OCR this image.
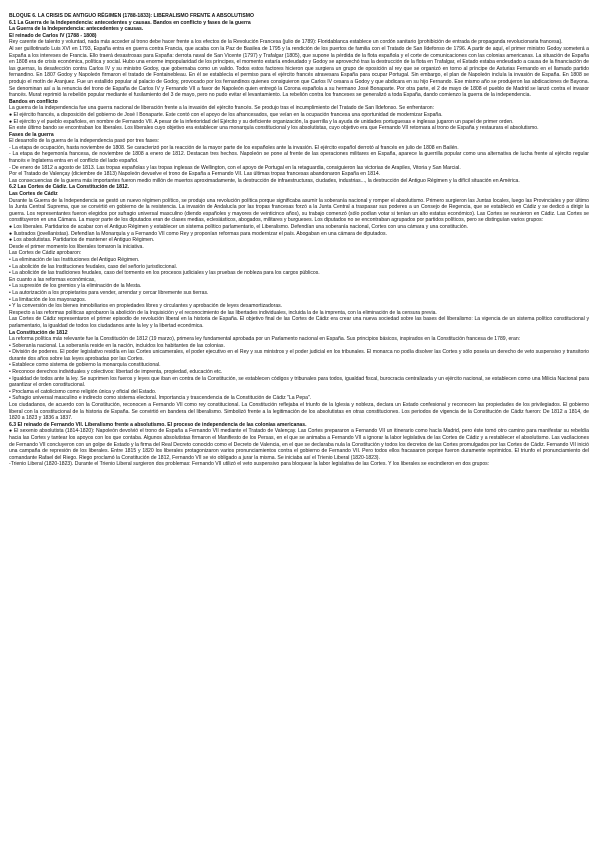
BLOQUE 6. LA CRISIS DE ANTIGUO RÉGIMEN (1788-1833): LIBERALISMO FRENTE A ABSOLUTISMO

6.1 La Guerra de la Independencia: antecedentes y causas. Bandos en conflicto y fases de la guerra

La Guerra de la Independencia: antecedentes y causas.

El reinado de Carlos IV (1788 - 1808)

Rey carente de talento y voluntad, nada más acceder al trono debe hacer frente a los efectos de la Revolución Francesa (julio de 1789): Floridablanca establece un cordón sanitario (prohibición de entrada de propaganda revolucionaria francesa).

Al ser guillotinado Luis XVI en 1793, España entra en guerra contra Francia, que acaba con la Paz de Basilea de 1795 y la rendición de los puertos de familia con el Tratado de San Ildefonso de 1796. A partir de aquí, el primer ministro Godoy someterá a España a los intereses de Francia. Ello traerá desastrosas para España: derrota naval de San Vicente (1797) y Trafalgar (1805), que supone la pérdida de la flota española y el corte de comunicaciones con las colonias americanas. La situación de España en 1808 era de crisis económica, política y social. Hubo una enorme impopularidad de los príncipes, el momento estaría endeudado y Godoy se aprovechó tras la destrucción de la flota en Trafalgar, el Estado estaba endeudado a causa de la financiación de las guerras, la desafección contra Carlos IV y su ministro Godoy, que gobernaba como un valido. Todos estos factores hicieron que surgiera un grupo de oposición al rey que se organizó en torno al príncipe de Asturias Fernando en el llamado partido fernandino. En 1807 Godoy y Napoleón firmaron el tratado de Fontainebleau. En él se establecía el permiso para el ejército francés atravesara España para ocupar Portugal. Sin embargo, el plan de Napoleón incluía la invasión de España. En 1808 se produjo el motín de Aranjuez. Fue un estallido popular al palacio de Godoy, provocado por los fernandinos quienes consiguieron que Carlos IV cesara a Godoy y que abdicara en su hijo Fernando. Ese mismo año se produjeron las abdicaciones de Bayona. Se denominan así a la renuncia del trono de España de Carlos IV y Fernando VII a favor de Napoleón quien entregó la Corona española a su hermano José Bonaparte. Por otra parte, el 2 de mayo de 1808 el pueblo de Madrid se lanzó contra el invasor francés. Murat reprimió la rebelión popular mediante el fusilamiento del 3 de mayo, pero no pudo evitar el levantamiento. La rebelión contra los franceses se generalizó a toda España, dando comienzo la guerra de la independencia.

Bandos en conflicto

La guerra de la independencia fue una guerra nacional de liberación frente a la invasión del ejército francés. Se produjo tras el incumplimiento del Tratado de San Ildefonso. Se enfrentaron:

● El ejército francés, a disposición del gobierno de José I Bonaparte. Este contó con el apoyo de los afrancesados, que veían en la ocupación francesa una oportunidad de modernizar España.

● El ejército y el pueblo españoles, en nombre de Fernando VII. A pesar de la inferioridad del Ejército y su deficiente organización, la guerrilla y la ayuda de unidades portuguesas e inglesas jugaron un papel de primer orden.

En este último bando se encontraban los liberales. Los liberales cuyo objetivo era establecer una monarquía constitucional y los absolutistas, cuyo objetivo era que Fernando VII retornara al trono de España y restaurara el absolutismo.

Fases de la guerra

El desarrollo de la guerra de la independencia pasó por tres fases:

- La etapa de ocupación, hasta noviembre de 1808. Se caracterizó por la reacción de la mayor parte de los españoles ante la invasión. El ejército español derrotó al francés en julio de 1808 en Bailén.

- La etapa de hegemonía francesa, de noviembre de 1808 a enero de 1812. Destacan tres hechos. Napoleón se pone al frente de las operaciones militares en España, aparece la guerrilla popular como una alternativa de lucha frente al ejército regular francés e Inglaterra entra en el conflicto del lado español.

- De enero de 1812 a agosto de 1813. Las tropas españolas y las tropas inglesas de Wellington, con el apoyo de Portugal en la retaguardia, consiguieron las victorias de Arapiles, Vitoria y San Marcial.

Por el Tratado de Valençay (diciembre de 1813) Napoleón devuelve el trono de España a Fernando VII. Las últimas tropas francesas abandonaron España en 1814.

Las consecuencias de la guerra más importantes fueron medio millón de muertos aproximadamente, la destrucción de infraestructuras, ciudades, industrias..., la destrucción del Antiguo Régimen y la difícil situación en América.

6.2 Las Cortes de Cádiz. La Constitución de 1812.

Las Cortes de Cádiz

Durante la Guerra de la Independencia se gestó un nuevo régimen político, se produjo una revolución política porque significaba asumir la soberanía nacional y romper el absolutismo. Primero surgieron las Juntas locales, luego las Provinciales y por último la Junta Central Suprema, que se convirtió en gobierno de la resistencia. La invasión de Andalucía por las tropas francesas forzó a la Junta Central a traspasar sus poderes a un Consejo de Regencia, que se estableció en Cádiz y se dedicó a dirigir la guerra. Los representantes fueron elegidos por sufragio universal masculino (diendo españoles y mayores de veinticinco años), su trabajo comenzó (sólo podían votar si tenían un alto estatus económico). Las Cortes se reunieron en Cádiz. Las Cortes se constituyeron en una Cámara. La mayor parte de los diputados eran de clases medias, eclesiásticos, abogados, militares y burgueses. Los diputados no se encontraban agrupados por partidos políticos, pero se distinguían varios grupos:

● Los liberales. Partidarios de acabar con el Antiguo Régimen y establecer un sistema político parlamentario, el Liberalismo. Defendían una soberanía nacional, Cortes con una cámara y una constitución.

● Ilustrados (jovellanistas). Defendían la Monarquía y a Fernando VII como Rey y proponían reformas para modernizar el país. Abogaban en una cámara de diputados.

● Los absolutistas. Partidarios de mantener el Antiguo Régimen.

Desde el primer momento los liberales tomaron la iniciativa.

Las Cortes de Cádiz aprobaron:

• La eliminación de las Instituciones del Antiguo Régimen.

• La abolición de las Instituciones feudales, caso del señorío jurisdiccional.

• La abolición de las tradiciones feudales, caso del tormento en los procesos judiciales y las pruebas de nobleza para los cargos públicos.

En cuanto a las reformas económicas,

• La supresión de los gremios y la eliminación de la Mesta.

• La autorización a los propietarios para vender, arrendar y cercar libremente sus tierras.

• La limitación de los mayorazgos.

• Y la conversión de los bienes inmobiliarios en propiedades libres y circulantes y aprobación de leyes desamortizadoras.

Respecto a las reformas políticas aprobaron la abolición de la Inquisición y el reconocimiento de las libertades individuales, incluida la de la imprenta, con la eliminación de la censura previa.

Las Cortes de Cádiz representaron el primer episodio de revolución liberal en la historia de España. El objetivo final de las Cortes de Cádiz era crear una nueva sociedad sobre las bases del liberalismo: La vigencia de un sistema político constitucional y parlamentario, la igualdad de todos los ciudadanos ante la ley y la libertad económica.

La Constitución de 1812

La reforma política más relevante fue la Constitución de 1812 (19 marzo), primera ley fundamental aprobada por un Parlamento nacional en España. Sus principios básicos, inspirados en la Constitución francesa de 1789, eran:

• Soberanía nacional. La soberanía reside en la nación, incluidos los habitantes de las colonias.

• División de poderes. El poder legislativo residía en las Cortes unicamerales, el poder ejecutivo en el Rey y sus ministros y el poder judicial en los tribunales. El monarca no podía disolver las Cortes y sólo poseía un derecho de veto suspensivo y transitorio durante dos años sobre las leyes aprobadas por las Cortes.

• Establece como sistema de gobierno la monarquía constitucional.

• Reconoce derechos individuales y colectivos: libertad de imprenta, propiedad, educación etc.

• Igualdad de todos ante la ley. Se suprimen los fueros y leyes que iban en contra de la Constitución, se establecen códigos y tribunales para todos, igualdad fiscal, burocracia centralizada y un ejército nacional, se establecen como una Milicia Nacional para garantizar el orden constitucional.

• Proclama el catolicismo como religión única y oficial del Estado.

• Sufragio universal masculino e indirecto como sistema electoral. Importancia y trascendencia de la Constitución de Cádiz "La Pepa".

Los ciudadanos, de acuerdo con la Constitución, reconocen a Fernando VII como rey constitucional. La Constitución reflejaba el triunfo de la Iglesia y nobleza, declara un Estado confesional y reconocen las propiedades de los privilegiados. El gobierno liberal con la constitucional de la historia de España. Se convirtió en bandera del liberalismo. Simbolizó frente a la legitimación de los absolutistas en otras constituciones. Los periodos de vigencia de la Constitución de Cádiz fueron: De 1812 a 1814, de 1820 a 1823 y 1836 a 1837.

6.3 El reinado de Fernando VII. Liberalismo frente a absolutismo. El proceso de independencia de las colonias americanas.

● El sexenio absolutista (1814-1820): Napoleón devolvió el trono de España a Fernando VII mediante el Tratado de Valençay. Las Cortes prepararon a Fernando VII un itinerario como hacía Madrid, pero éste tomó otro camino para manifestar su rebeldía hacia las Cortes y tantear los apoyos con los que contaba. Algunos absolutistas firmaron el Manifiesto de los Persas, en el que se animaba a Fernando VII a ignorar la labor legislativa de las Cortes de Cádiz y a restablecer el absolutismo. Las vacilaciones de Fernando VII concluyeron con un golpe de Estado y la firma del Real Decreto conocido como el Decreto de Valencia, en el que se declaraba nula la Constitución y todos los decretos de las Cortes promulgados por las Cortes de Cádiz. Fernando VII inició una campaña de represión de los liberales. Entre 1815 y 1820 los liberales protagonizaron varios pronunciamientos contra el gobierno de Fernando VII. Pero todos ellos fracasaron porque fueron duramente reprimidos. El triunfo el pronunciamiento del comandante Rafael del Riego. Riego proclamó la Constitución de 1812, Fernando VII se vio obligado a jurar la misma. Se iniciaba así el Trienio Liberal (1820-1823).

-Trienio Liberal (1820-1823). Durante el Trienio Liberal surgieron dos problemas: Fernando VII utilizó el veto suspensivo para bloquear la labor legislativa de las Cortes. Y los liberales se escindieron en dos grupos:
